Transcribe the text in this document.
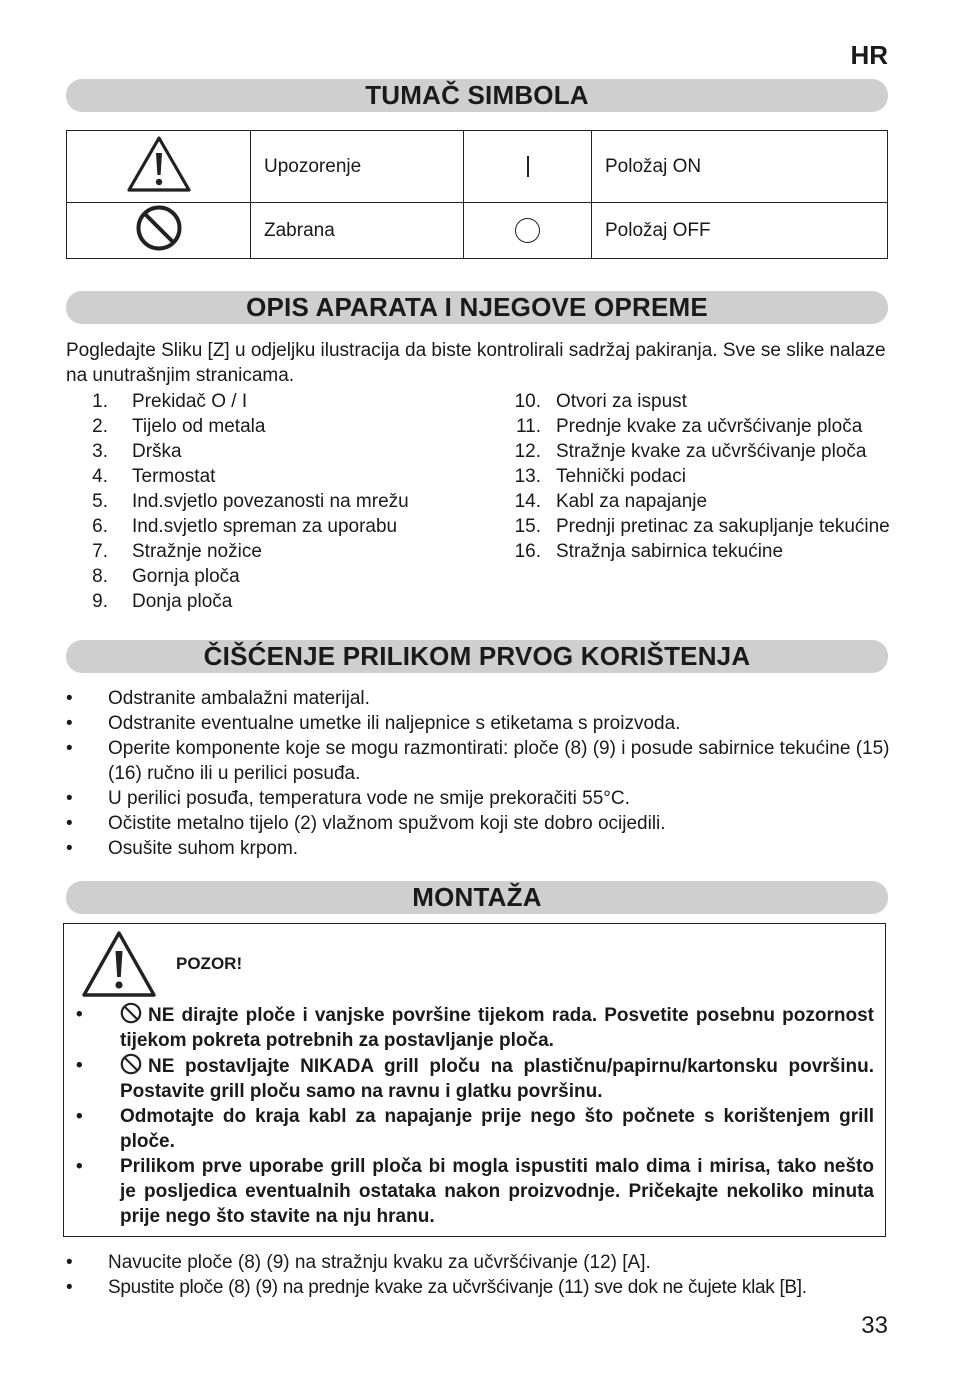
HR
TUMAČ SIMBOLA
	Upozorenje		Položaj ON
	Zabrana		Položaj OFF
OPIS APARATA I NJEGOVE OPREME

Pogledajte Sliku [Z] u odjeljku ilustracija da biste kontrolirali sadržaj pakiranja. Sve se slike nalaze na unutrašnjim stranicama.

1.	Prekidač O / I
2.	Tijelo od metala
3.	Drška
4.	Termostat
5.	Ind.svjetlo povezanosti na mrežu
6.	Ind.svjetlo spreman za uporabu
7.	Stražnje nožice
8.	Gornja ploča
9.	Donja ploča
10. Otvori za ispust
11. Prednje kvake za učvršćivanje ploča
12. Stražnje kvake za učvršćivanje ploča
13. Tehnički podaci
14. Kabl za napajanje
15. Prednji pretinac za sakupljanje tekućine
16. Stražnja sabirnica tekućine
ČIŠĆENJE PRILIKOM PRVOG KORIŠTENJA
•	Odstranite ambalažni materijal.
•	Odstranite eventualne umetke ili naljepnice s etiketama s proizvoda.
•	Operite komponente koje se mogu razmontirati: ploče (8) (9) i posude sabirnice tekućine (15) (16) ručno ili u perilici posuđa.
•	U perilici posuđa, temperatura vode ne smije prekoračiti 55°C.
•	Očistite metalno tijelo (2) vlažnom spužvom koji ste dobro ocijedili.
•	Osušite suhom krpom.
MONTAŽA
POZOR!
•	NE dirajte ploče i vanjske površine tijekom rada. Posvetite posebnu pozornost tijekom pokreta potrebnih za postavljanje ploča.
•	NE postavljajte NIKADA grill ploču na plastičnu/papirnu/kartonsku površinu. Postavite grill ploču samo na ravnu i glatku površinu.
•	Odmotajte do kraja kabl za napajanje prije nego što počnete s korištenjem grill ploče.
•	Prilikom prve uporabe grill ploča bi mogla ispustiti malo dima i mirisa, tako nešto je posljedica eventualnih ostataka nakon proizvodnje. Pričekajte nekoliko minuta prije nego što stavite na nju hranu.
•	Navucite ploče (8) (9) na stražnju kvaku za učvršćivanje (12) [A].
•	Spustite ploče (8) (9) na prednje kvake za učvršćivanje (11) sve dok ne čujete klak [B].
33
